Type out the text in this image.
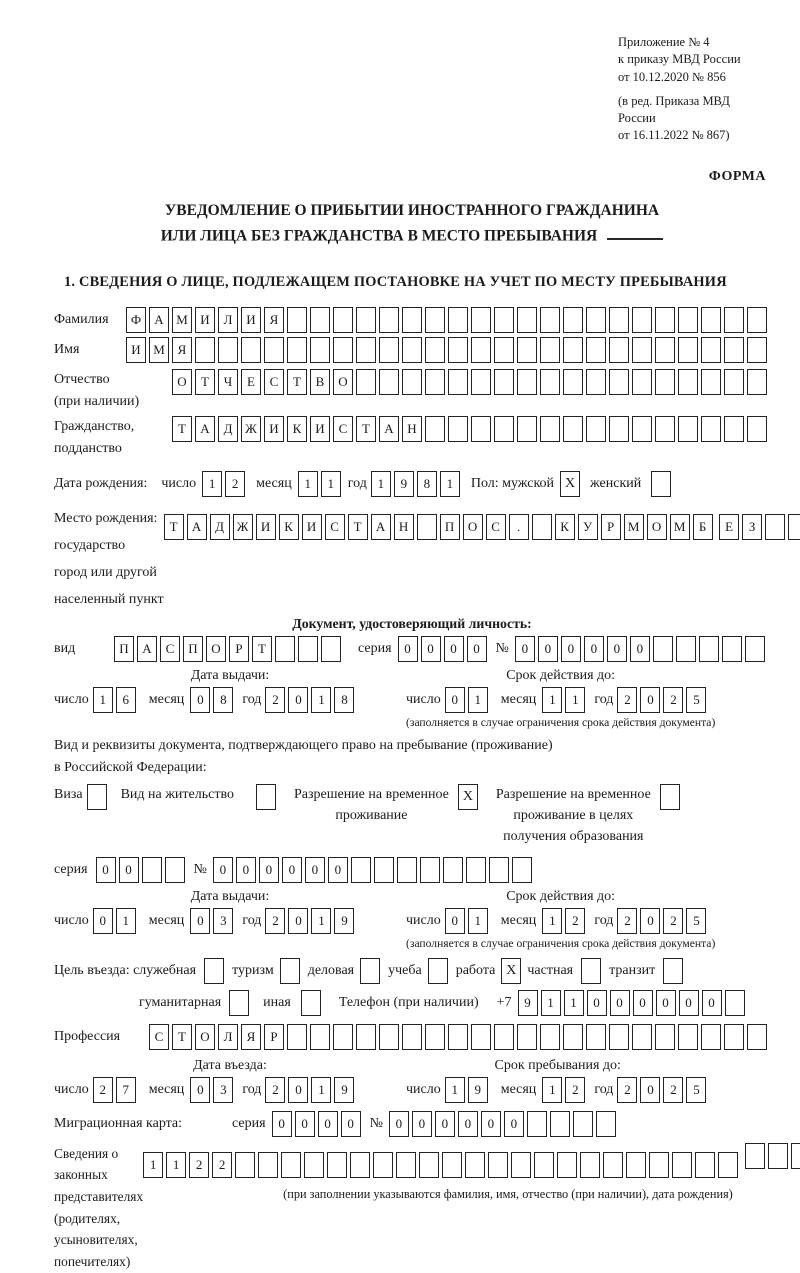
Приложение № 4
к приказу МВД России
от 10.12.2020 № 856
(в ред. Приказа МВД России
от 16.11.2022 № 867)
ФОРМА
УВЕДОМЛЕНИЕ О ПРИБЫТИИ ИНОСТРАННОГО ГРАЖДАНИНА
ИЛИ ЛИЦА БЕЗ ГРАЖДАНСТВА В МЕСТО ПРЕБЫВАНИЯ
1. СВЕДЕНИЯ О ЛИЦЕ, ПОДЛЕЖАЩЕМ ПОСТАНОВКЕ НА УЧЕТ ПО МЕСТУ ПРЕБЫВАНИЯ
Фамилия	Ф	А М И	Л	И	Я
Имя	И М Я
Отчество
(при наличии)
О	Т	Ч	Е	С	Т	В	О
Гражданство,
подданство
Т	А	Д Ж И	К	И	С	Т	А	Н
Дата рождения: число 1	2	месяц 1	1 год 1	9	8	1	Пол: мужской X	женский
Место рождения:
государство
город или другой
населенный пункт
Т	А	Д Ж И	К	И	С	Т	А	Н	П	О	С	.	К	У	Р	М О М	Б
	Е	З

Документ, удостоверяющий личность:
вид	П	А	С	П	О	Р	Т	серия 0	0	0	0	№ 0	0	0	0	0	0
Дата выдачи:
число 1	6	месяц 0	8	год 2	0	1	8
Срок действия до:
число 0	1	месяц 1	1	год 2	0	2	5
(заполняется в случае ограничения срока действия документа)
Вид и реквизиты документа, подтверждающего право на пребывание (проживание)
в Российской Федерации:
Виза	Вид на жительство	Разрешение на временное
проживание
X	Разрешение на временное
проживание в целях
получения образования
серия	0	0	№ 0	0	0	0	0	0
Дата выдачи:
число 0	1	месяц 0	3	год 2	0	1	9
Срок действия до:
число 0	1	месяц 1	2	год 2	0	2	5
(заполняется в случае ограничения срока действия документа)
Цель въезда: служебная	туризм деловая учеба работа X частная	транзит
гуманитарная	иная	Телефон (при наличии) +7 9	1	1	0	0	0	0	0	0
Профессия	С	Т	О	Л	Я	Р
Дата въезда:
число 2	7	месяц 0	3	год 2	0	1	9
Срок пребывания до:
число 1	9	месяц 1	2	год 2	0	2	5
Миграционная карта:	серия 0	0	0	0	№ 0	0	0	0	0	0
Сведения о
законных
представителях
(родителях,
усыновителях,
попечителях)
1	1	2	2

(при заполнении указываются фамилия, имя, отчество (при наличии), дата рождения)
